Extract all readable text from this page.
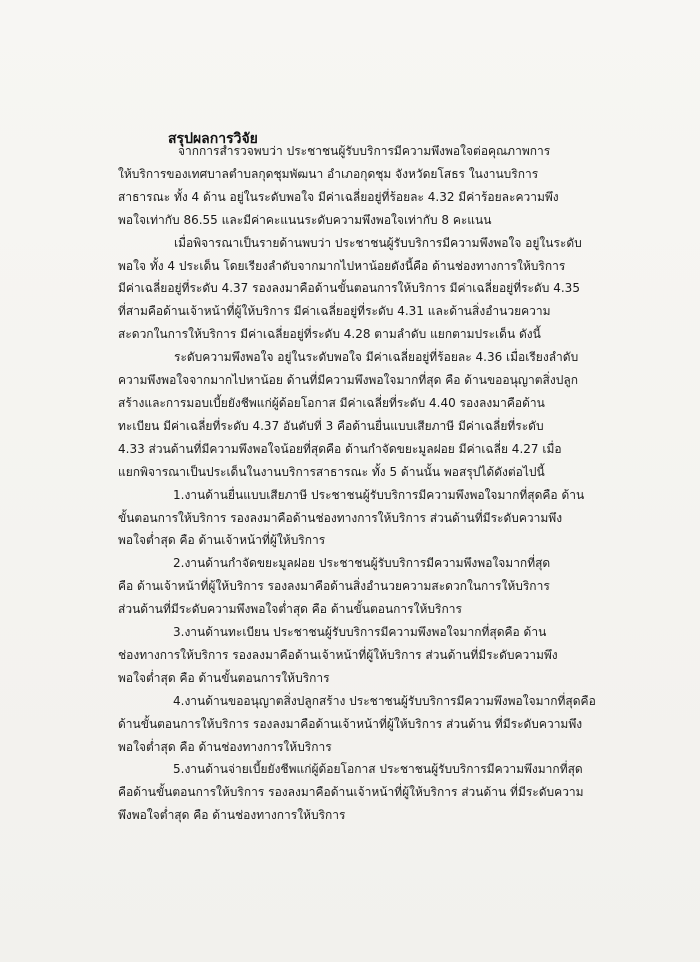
สรุปผลการวิจัย
จากการสำรวจพบว่า ประชาชนผู้รับบริการมีความพึงพอใจต่อคุณภาพการ
ให้บริการของเทศบาลตำบลกุดชุมพัฒนา อำเภอกุดชุม จังหวัดยโสธร ในงานบริการ
สาธารณะ ทั้ง 4 ด้าน อยู่ในระดับพอใจ มีค่าเฉลี่ยอยู่ที่ร้อยละ 4.32 มีค่าร้อยละความพึง
พอใจเท่ากับ 86.55 และมีค่าคะแนนระดับความพึงพอใจเท่ากับ 8 คะแนน
เมื่อพิจารณาเป็นรายด้านพบว่า ประชาชนผู้รับบริการมีความพึงพอใจ อยู่ในระดับ
พอใจ ทั้ง 4 ประเด็น โดยเรียงลำดับจากมากไปหาน้อยดังนี้คือ ด้านช่องทางการให้บริการ
มีค่าเฉลี่ยอยู่ที่ระดับ 4.37 รองลงมาคือด้านขั้นตอนการให้บริการ มีค่าเฉลี่ยอยู่ที่ระดับ 4.35
ที่สามคือด้านเจ้าหน้าที่ผู้ให้บริการ มีค่าเฉลี่ยอยู่ที่ระดับ 4.31 และด้านสิ่งอำนวยความ
สะดวกในการให้บริการ มีค่าเฉลี่ยอยู่ที่ระดับ 4.28 ตามลำดับ แยกตามประเด็น ดังนี้
ระดับความพึงพอใจ อยู่ในระดับพอใจ มีค่าเฉลี่ยอยู่ที่ร้อยละ 4.36 เมื่อเรียงลำดับ
ความพึงพอใจจากมากไปหาน้อย ด้านที่มีความพึงพอใจมากที่สุด คือ ด้านขออนุญาตสิ่งปลูก
สร้างและการมอบเบี้ยยังชีพแก่ผู้ด้อยโอกาส มีค่าเฉลี่ยที่ระดับ 4.40 รองลงมาคือด้าน
ทะเบียน มีค่าเฉลี่ยที่ระดับ 4.37 อันดับที่ 3 คือด้านยื่นแบบเสียภาษี มีค่าเฉลี่ยที่ระดับ
4.33 ส่วนด้านที่มีความพึงพอใจน้อยที่สุดคือ ด้านกำจัดขยะมูลฝอย มีค่าเฉลี่ย 4.27 เมื่อ
แยกพิจารณาเป็นประเด็นในงานบริการสาธารณะ ทั้ง 5 ด้านนั้น พอสรุปได้ดังต่อไปนี้
1.งานด้านยื่นแบบเสียภาษี ประชาชนผู้รับบริการมีความพึงพอใจมากที่สุดคือ ด้าน
ขั้นตอนการให้บริการ รองลงมาคือด้านช่องทางการให้บริการ ส่วนด้านที่มีระดับความพึง
พอใจต่ำสุด คือ ด้านเจ้าหน้าที่ผู้ให้บริการ
2.งานด้านกำจัดขยะมูลฝอย ประชาชนผู้รับบริการมีความพึงพอใจมากที่สุด
คือ ด้านเจ้าหน้าที่ผู้ให้บริการ รองลงมาคือด้านสิ่งอำนวยความสะดวกในการให้บริการ
ส่วนด้านที่มีระดับความพึงพอใจต่ำสุด คือ ด้านขั้นตอนการให้บริการ
3.งานด้านทะเบียน ประชาชนผู้รับบริการมีความพึงพอใจมากที่สุดคือ ด้าน
ช่องทางการให้บริการ รองลงมาคือด้านเจ้าหน้าที่ผู้ให้บริการ ส่วนด้านที่มีระดับความพึง
พอใจต่ำสุด คือ ด้านขั้นตอนการให้บริการ
4.งานด้านขออนุญาตสิ่งปลูกสร้าง ประชาชนผู้รับบริการมีความพึงพอใจมากที่สุดคือ
ด้านขั้นตอนการให้บริการ รองลงมาคือด้านเจ้าหน้าที่ผู้ให้บริการ ส่วนด้าน ที่มีระดับความพึง
พอใจต่ำสุด คือ ด้านช่องทางการให้บริการ
5.งานด้านจ่ายเบี้ยยังชีพแก่ผู้ด้อยโอกาส ประชาชนผู้รับบริการมีความพึงมากที่สุด
คือด้านขั้นตอนการให้บริการ รองลงมาคือด้านเจ้าหน้าที่ผู้ให้บริการ ส่วนด้าน ที่มีระดับความ
พึงพอใจต่ำสุด คือ ด้านช่องทางการให้บริการ
